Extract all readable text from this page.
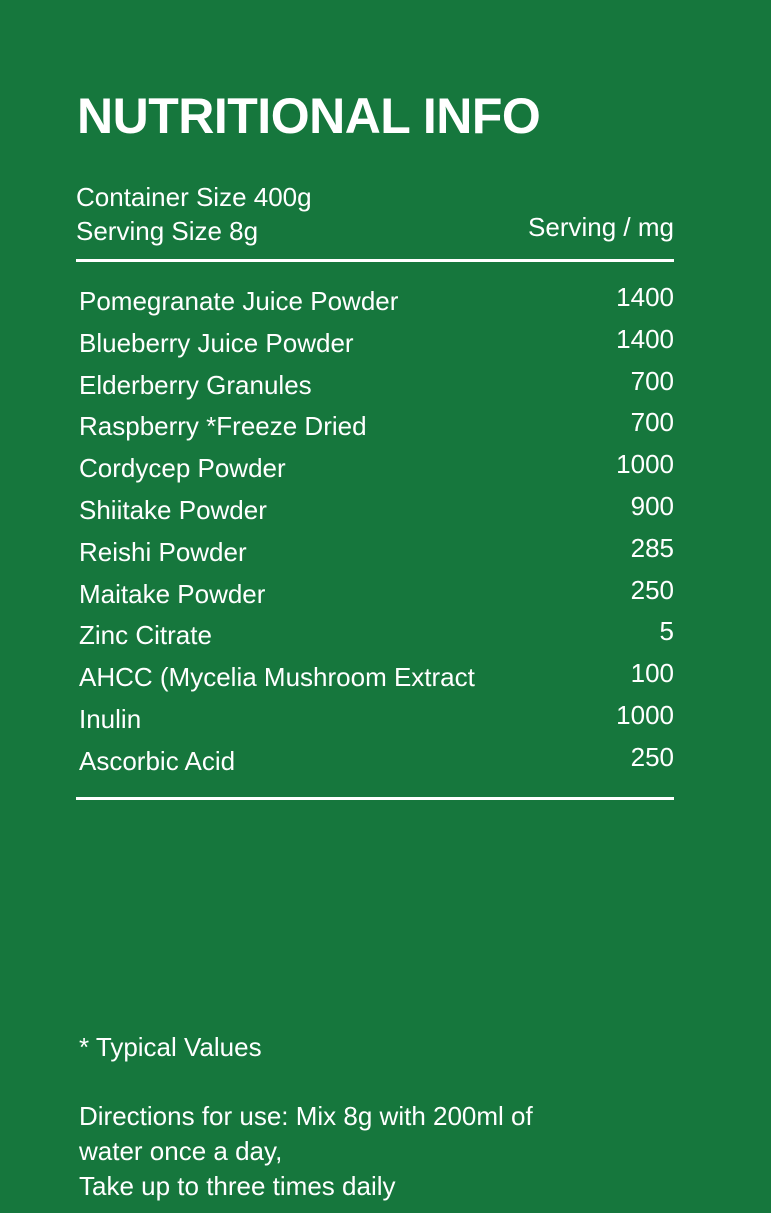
NUTRITIONAL INFO
Container Size 400g
Serving Size 8g	Serving / mg
Pomegranate Juice Powder	1400
Blueberry Juice Powder	1400
Elderberry Granules	700
Raspberry *Freeze Dried	700
Cordycep Powder	1000
Shiitake Powder	900
Reishi Powder	285
Maitake Powder	250
Zinc Citrate	5
AHCC (Mycelia Mushroom Extract	100
Inulin	1000
Ascorbic Acid	250
* Typical Values
Directions for use: Mix 8g with 200ml of
water once a day,
Take up to three times daily
